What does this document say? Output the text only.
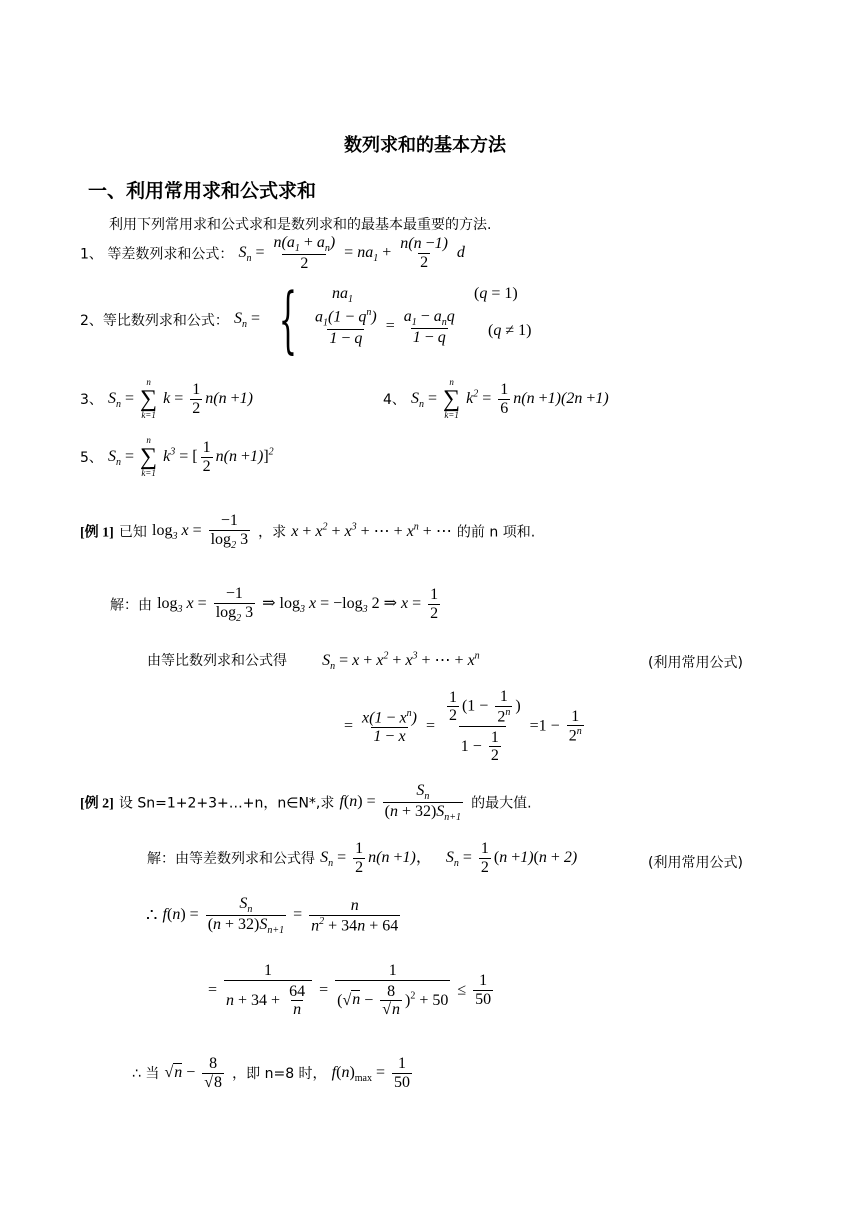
数列求和的基本方法
一、利用常用求和公式求和
利用下列常用求和公式求和是数列求和的最基本最重要的方法.
1、 等差数列求和公式： $S_n = \frac{n(a_1 + a_n)}{2} = na_1 + \frac{n(n -1)}{2}$ d
2、等比数列求和公式： $S_n$ = { $na_1$	(q = 1)
$\frac{a_1(1 - q^n)}{1 - q} = \frac{a_1 - a_nq}{1 - q} (q \ne 1)$
3、 $S_n$ =
n
∑
k=1
$k = \frac{1}{2} n(n +1)$	4、 $S_n$ =
n
∑
k=1
$k^2 = \frac{1}{6} n(n +1)(2n +1)$
5、 $S_n$ =
n
∑
k=1
$k^3$ = [ $\frac{1}{2} n(n +1)]^2$
[例 1] 已知 $\log_3 x = \frac{-1}{\log_2 3}$ ，求 $x + x^2 + x^3$ + ⋯ + $x^n$ + ⋯ 的前 n 项和.
解：由 $\log_3 x = \frac{-1}{\log_2 3}$ ⇒ $\log_3 x = -\log_3$ 2 ⇒ $x = \frac{1}{2}$
由等比数列求和公式得 $S_n = x + x^2 + x^3$ + ⋯ + $x^n$	(利用常用公式)
= $\frac{x(1 - x^n)}{1 - x} = \frac{\frac{1}{2} (1 - \frac{1}{2^n} )}{1 - \frac{1}{2}} =1 - \frac{1}{2^n}$
[例 2] 设 Sn=1+2+3+…+n，n∈N*,求 $f(n) = \frac{S_n}{(n + 32)S_{n+1}}$ 的最大值.
解：由等差数列求和公式得 $S_n = \frac{1}{2} n(n +1)$， $S_n = \frac{1}{2} (n +1)(n + 2)$	(利用常用公式)
∴ $f(n) = \frac{S_n}{(n + 32)S_{n+1}} = \frac{n}{n^2 + 34n + 64}$
= $\frac{1}{n + 34 + \frac{64}{n}} = \frac{1}{(√n - \frac{8}{√n} )^2 + 50} \le \frac{1}{50}$
∴ 当 $√n - \frac{8}{√8}$ ，即 n=8 时， $f(n)_{max} = \frac{1}{50}$
